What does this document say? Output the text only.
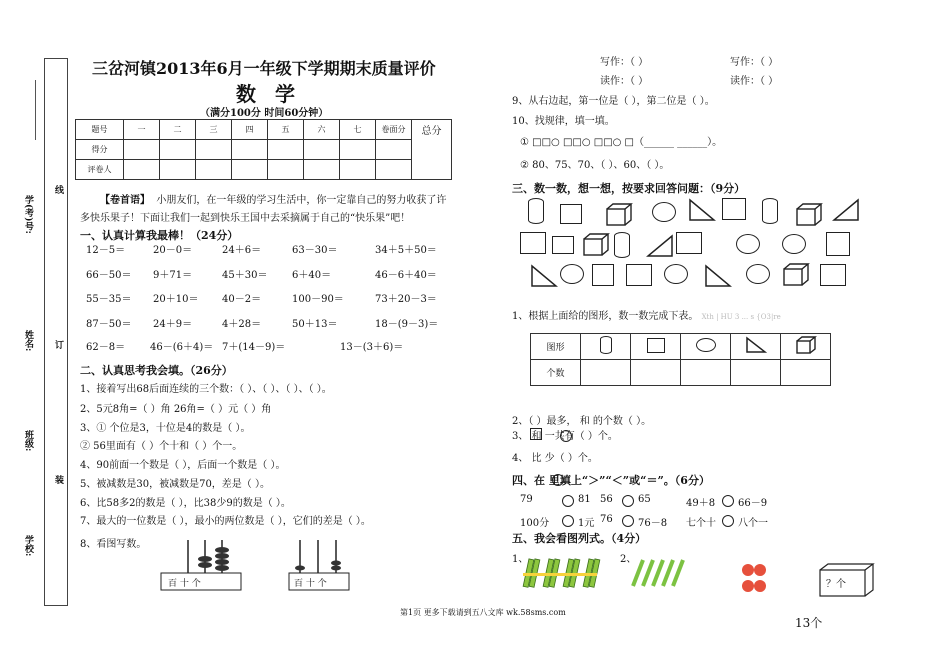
学(考)号:
姓名:
班级:
学校:
线
订
装
三岔河镇2013年6月一年级下学期期末质量评价
数 学
（满分100分 时间60分钟）
题号	一	二	三	四	五	六	七	卷面分	总分
得分									
评卷人									
【卷首语】 小朋友们，在一年级的学习生活中，你一定靠自己的努力收获了许
多快乐果子！下面让我们一起到快乐王国中去采摘属于自己的“快乐果”吧！
一、认真计算我最棒！（24分）
12－5＝	20－0＝	24＋6＝	63－30＝	34＋5＋50＝
66－50＝ 9＋71＝	45＋30＝ 6＋40＝	46－6＋40＝
55－35＝ 20＋10＝ 40－2＝	100－90＝	73＋20－3＝
87－50＝ 24＋9＝	4＋28＝	50＋13＝	18－(9－3)＝
62－8＝ 46－(6＋4)＝ 7＋(14－9)＝	13－(3＋6)＝
二、认真思考我会填。（26分）
1、接着写出68后面连续的三个数：（ ）、（ ）、（ ）、（ ）。
2、5元8角=（ ）角 26角=（ ）元（ ）角
3、① 个位是3，十位是4的数是（ ）。
② 56里面有（ ）个十和（ ）个一。
4、90前面一个数是（ ），后面一个数是（ ）。
5、被减数是30，被减数是70，差是（ ）。
6、比58多2的数是（ ），比38少9的数是（ ）。
7、最大的一位数是（ ），最小的两位数是（ ），它们的差是（ ）。
8、看图写数。
百 十 个	百 十 个
写作：（ ）	写作：（ ）
读作：（ ）	读作：（ ）
9、从右边起，第一位是（ ），第二位是（ ）。
10、找规律，填一填。
① □□○ □□○ □□○ □（______ ______）。
② 80、75、70、（ ）、60、（ ）。
三、数一数，想一想，按要求回答问题：（9分）
1、根据上面给的图形，数一数完成下表。 Xth | HU 3 ... s {O3|re
图形					
个数					
2、（ ）最多， 和 的个数（ ）。
3、 和 一共有（ ）个。
4、 比 少（ ）个。
四、在 里填上“＞”“＜”或“＝”。（6分）
79	81 56	65	49＋8 66－9
100分	1元 76	76－8 七个十 八个一
五、我会看图列式。（4分）
1、	2、
？个
13个
第1页 更多下载请到五八文库 wk.58sms.com
